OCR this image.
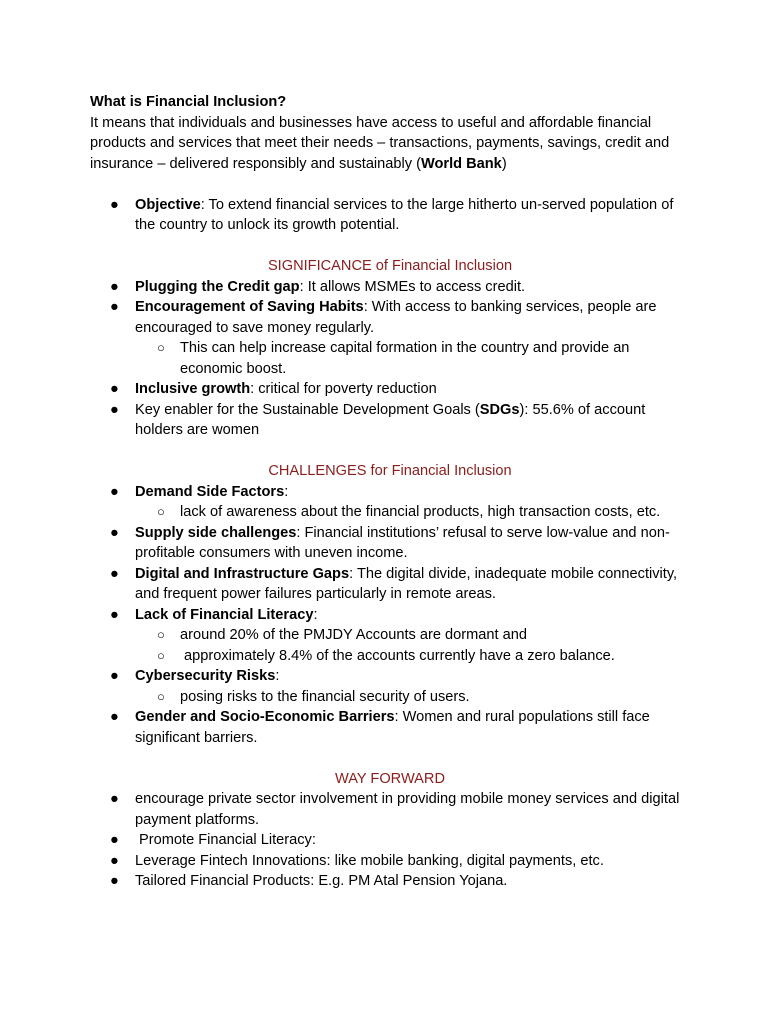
What is Financial Inclusion?

It means that individuals and businesses have access to useful and affordable financial products and services that meet their needs – transactions, payments, savings, credit and insurance – delivered responsibly and sustainably (World Bank)

● Objective: To extend financial services to the large hitherto un-served population of the country to unlock its growth potential.

SIGNIFICANCE of Financial Inclusion

● Plugging the Credit gap: It allows MSMEs to access credit.
● Encouragement of Saving Habits: With access to banking services, people are encouraged to save money regularly.
○ This can help increase capital formation in the country and provide an economic boost.
● Inclusive growth: critical for poverty reduction
● Key enabler for the Sustainable Development Goals (SDGs): 55.6% of account holders are women

CHALLENGES for Financial Inclusion

● Demand Side Factors:
○ lack of awareness about the financial products, high transaction costs, etc.
● Supply side challenges: Financial institutions’ refusal to serve low-value and non-profitable consumers with uneven income.
● Digital and Infrastructure Gaps: The digital divide, inadequate mobile connectivity, and frequent power failures particularly in remote areas.
● Lack of Financial Literacy:
○ around 20% of the PMJDY Accounts are dormant and
○ approximately 8.4% of the accounts currently have a zero balance.
● Cybersecurity Risks:
○ posing risks to the financial security of users.
● Gender and Socio-Economic Barriers: Women and rural populations still face significant barriers.

WAY FORWARD

● encourage private sector involvement in providing mobile money services and digital payment platforms.
● Promote Financial Literacy:
● Leverage Fintech Innovations: like mobile banking, digital payments, etc.
● Tailored Financial Products: E.g. PM Atal Pension Yojana.
